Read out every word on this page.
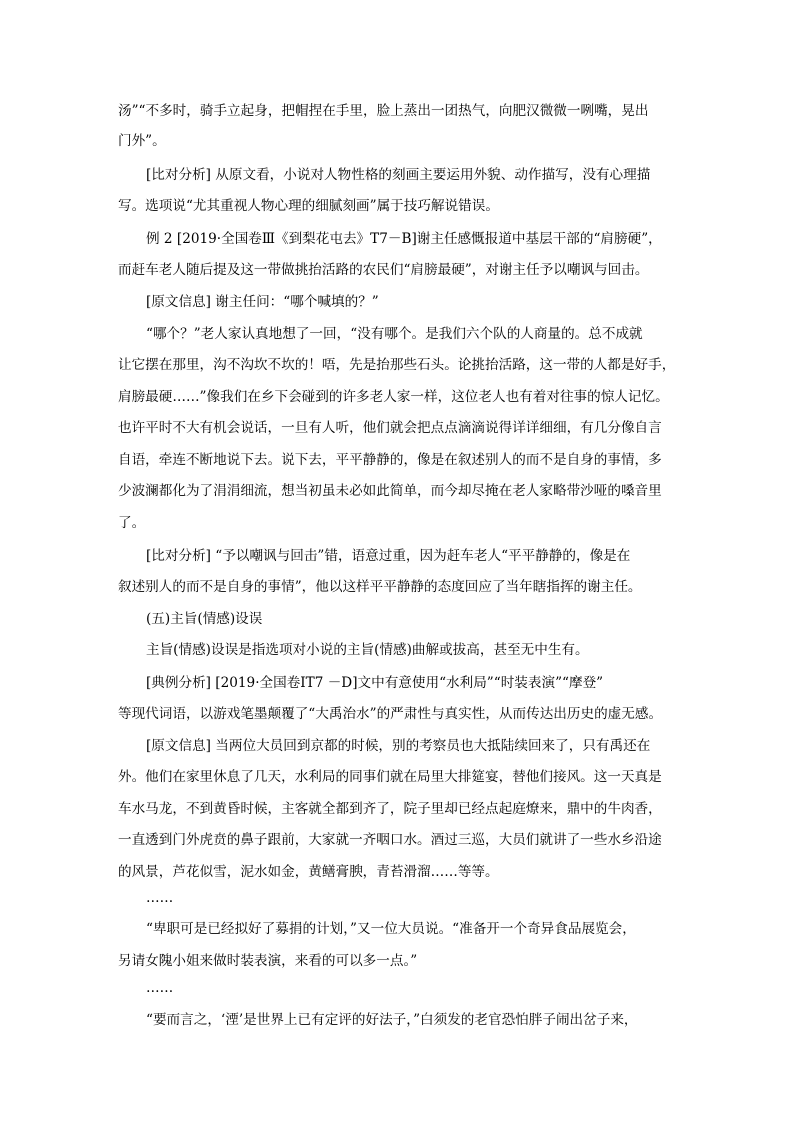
汤”“不多时，骑手立起身，把帽捏在手里，脸上蒸出一团热气，向肥汉微微一咧嘴，晃出
门外”。
[比对分析] 从原文看，小说对人物性格的刻画主要运用外貌、动作描写，没有心理描
写。选项说“尤其重视人物心理的细腻刻画”属于技巧解说错误。
例 2 [2019·全国卷Ⅲ《到梨花屯去》T7－B]谢主任感慨报道中基层干部的“肩膀硬”，
而赶车老人随后提及这一带做挑抬活路的农民们“肩膀最硬”，对谢主任予以嘲讽与回击。
[原文信息] 谢主任问：“哪个喊填的？”
“哪个？”老人家认真地想了一回，“没有哪个。是我们六个队的人商量的。总不成就
让它摆在那里，沟不沟坎不坎的！唔，先是抬那些石头。论挑抬活路，这一带的人都是好手，
肩膀最硬……”像我们在乡下会碰到的许多老人家一样，这位老人也有着对往事的惊人记忆。
也许平时不大有机会说话，一旦有人听，他们就会把点点滴滴说得详详细细，有几分像自言
自语，牵连不断地说下去。说下去，平平静静的，像是在叙述别人的而不是自身的事情，多
少波澜都化为了涓涓细流，想当初虽未必如此简单，而今却尽掩在老人家略带沙哑的嗓音里
了。
[比对分析] “予以嘲讽与回击”错，语意过重，因为赶车老人“平平静静的，像是在
叙述别人的而不是自身的事情”，他以这样平平静静的态度回应了当年瞎指挥的谢主任。
(五)主旨(情感)设误
主旨(情感)设误是指选项对小说的主旨(情感)曲解或拔高，甚至无中生有。
[典例分析] [2019·全国卷ⅠT7 －D]文中有意使用“水利局”“时装表演”“摩登”
等现代词语，以游戏笔墨颠覆了“大禹治水”的严肃性与真实性，从而传达出历史的虚无感。
[原文信息] 当两位大员回到京都的时候，别的考察员也大抵陆续回来了，只有禹还在
外。他们在家里休息了几天，水利局的同事们就在局里大排筵宴，替他们接风。这一天真是
车水马龙，不到黄昏时候，主客就全都到齐了，院子里却已经点起庭燎来，鼎中的牛肉香，
一直透到门外虎贲的鼻子跟前，大家就一齐咽口水。酒过三巡，大员们就讲了一些水乡沿途
的风景，芦花似雪，泥水如金，黄鳝膏腴，青苔滑溜……等等。
……
“卑职可是已经拟好了募捐的计划，”又一位大员说。“准备开一个奇异食品展览会，
另请女隗小姐来做时装表演，来看的可以多一点。”
……
“要而言之，‘湮’是世界上已有定评的好法子，”白须发的老官恐怕胖子闹出岔子来，
